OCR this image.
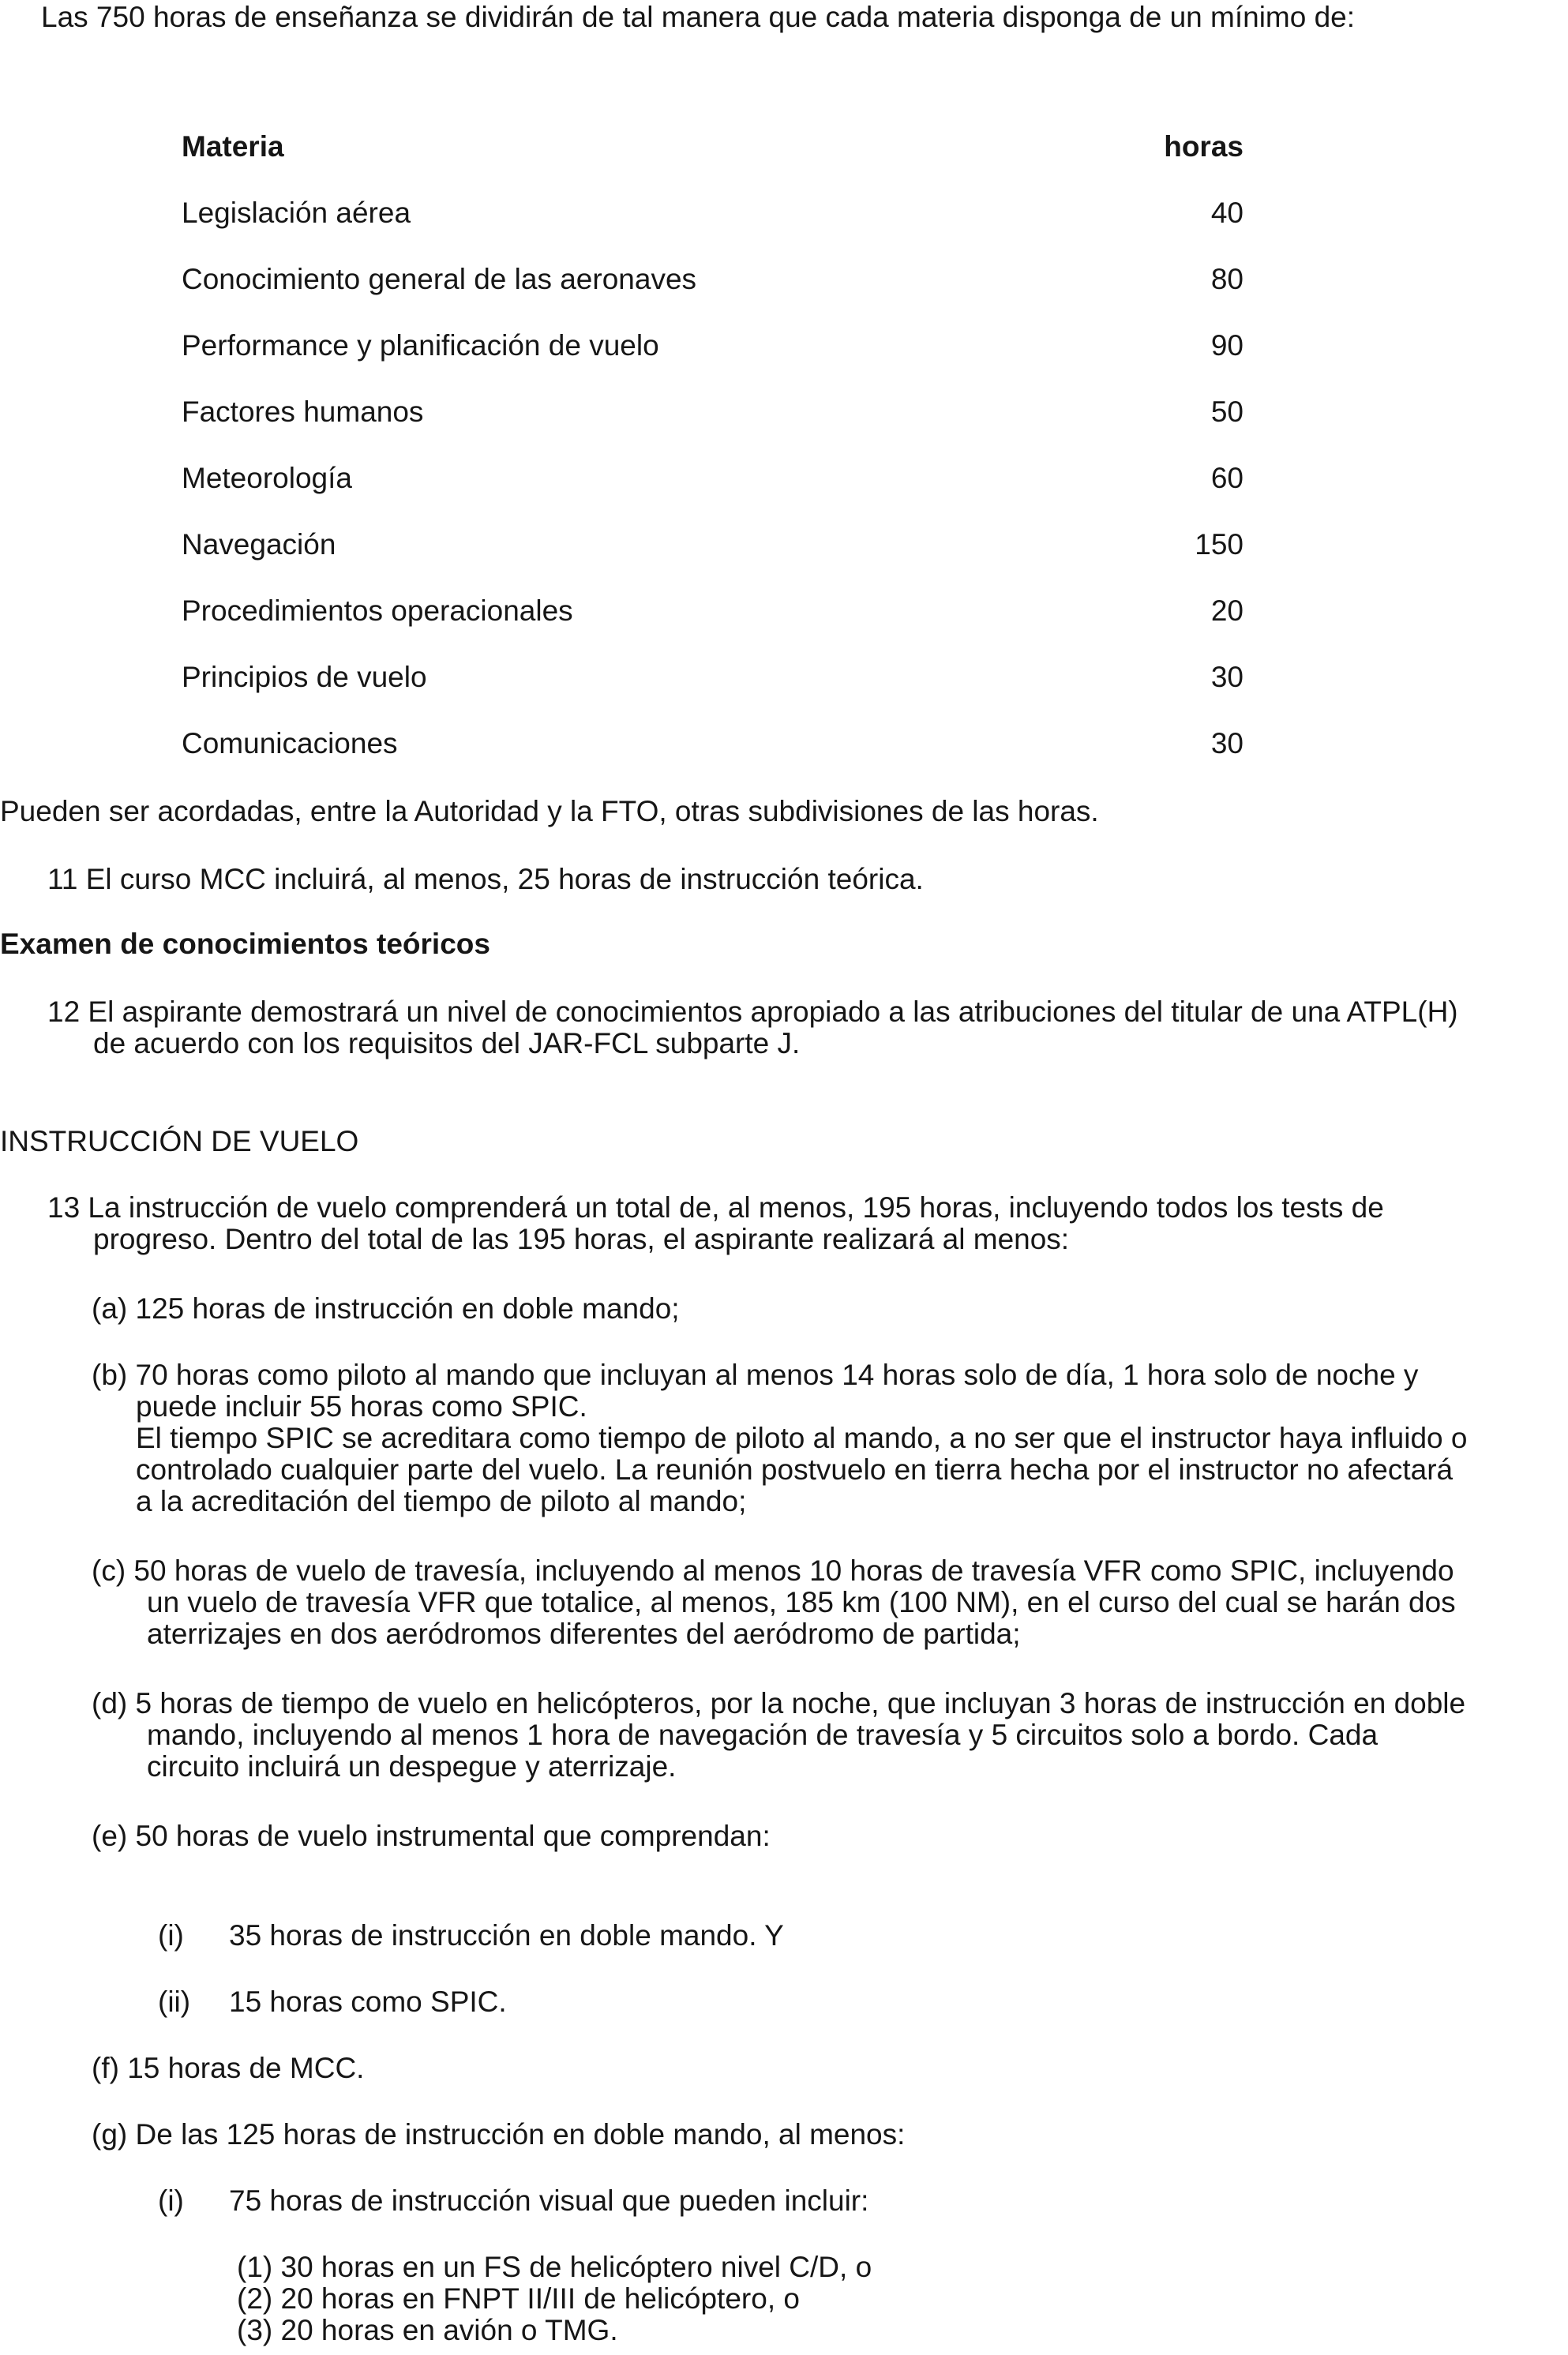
Las 750 horas de enseñanza se dividirán de tal manera que cada materia disponga de un mínimo de:
Materia	horas
Legislación aérea	40
Conocimiento general de las aeronaves	80
Performance y planificación de vuelo	90
Factores humanos	50
Meteorología	60
Navegación	150
Procedimientos operacionales	20
Principios de vuelo	30
Comunicaciones	30
Pueden ser acordadas, entre la Autoridad y la FTO, otras subdivisiones de las horas.
11 El curso MCC incluirá, al menos, 25 horas de instrucción teórica.
Examen de conocimientos teóricos
12 El aspirante demostrará un nivel de conocimientos apropiado a las atribuciones del titular de una ATPL(H)
de acuerdo con los requisitos del JAR-FCL subparte J.
INSTRUCCIÓN DE VUELO
13 La instrucción de vuelo comprenderá un total de, al menos, 195 horas, incluyendo todos los tests de
progreso. Dentro del total de las 195 horas, el aspirante realizará al menos:
(a) 125 horas de instrucción en doble mando;
(b) 70 horas como piloto al mando que incluyan al menos 14 horas solo de día, 1 hora solo de noche y
puede incluir 55 horas como SPIC.
El tiempo SPIC se acreditara como tiempo de piloto al mando, a no ser que el instructor haya influido o
controlado cualquier parte del vuelo. La reunión postvuelo en tierra hecha por el instructor no afectará
a la acreditación del tiempo de piloto al mando;
(c) 50 horas de vuelo de travesía, incluyendo al menos 10 horas de travesía VFR como SPIC, incluyendo
un vuelo de travesía VFR que totalice, al menos, 185 km (100 NM), en el curso del cual se harán dos
aterrizajes en dos aeródromos diferentes del aeródromo de partida;
(d) 5 horas de tiempo de vuelo en helicópteros, por la noche, que incluyan 3 horas de instrucción en doble
mando, incluyendo al menos 1 hora de navegación de travesía y 5 circuitos solo a bordo. Cada
circuito incluirá un despegue y aterrizaje.
(e) 50 horas de vuelo instrumental que comprendan:
(i) 35 horas de instrucción en doble mando. Y
(ii) 15 horas como SPIC.
(f) 15 horas de MCC.
(g) De las 125 horas de instrucción en doble mando, al menos:
(i) 75 horas de instrucción visual que pueden incluir:
(1) 30 horas en un FS de helicóptero nivel C/D, o
(2) 20 horas en FNPT II/III de helicóptero, o
(3) 20 horas en avión o TMG.
